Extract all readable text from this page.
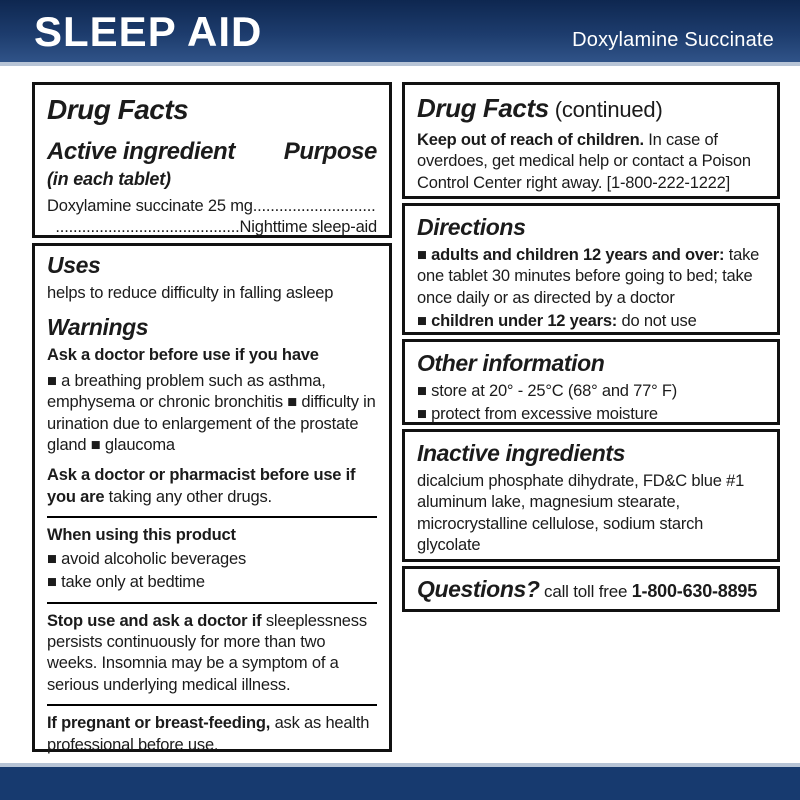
SLEEP AID	Doxylamine Succinate
Drug Facts
Active ingredient Purpose
(in each tablet)
Doxylamine succinate 25 mg............................
..........................................Nighttime sleep-aid
Uses
helps to reduce difficulty in falling asleep
Warnings
Ask a doctor before use if you have
■ a breathing problem such as asthma, emphysema or chronic bronchitis ■ difficulty in urination due to enlargement of the prostate gland ■ glaucoma
Ask a doctor or pharmacist before use if you are taking any other drugs.
When using this product
■ avoid alcoholic beverages
■ take only at bedtime
Stop use and ask a doctor if sleeplessness persists continuously for more than two weeks. Insomnia may be a symptom of a serious underlying medical illness.
If pregnant or breast-feeding, ask as health professional before use.
Drug Facts (continued)
Keep out of reach of children. In case of overdoes, get medical help or contact a Poison Control Center right away. [1-800-222-1222]
Directions
■ adults and children 12 years and over: take one tablet 30 minutes before going to bed; take once daily or as directed by a doctor
■ children under 12 years: do not use
Other information
■ store at 20° - 25°C (68° and 77° F)
■ protect from excessive moisture
Inactive ingredients
dicalcium phosphate dihydrate, FD&C blue #1 aluminum lake, magnesium stearate, microcrystalline cellulose, sodium starch glycolate
Questions? call toll free 1-800-630-8895
